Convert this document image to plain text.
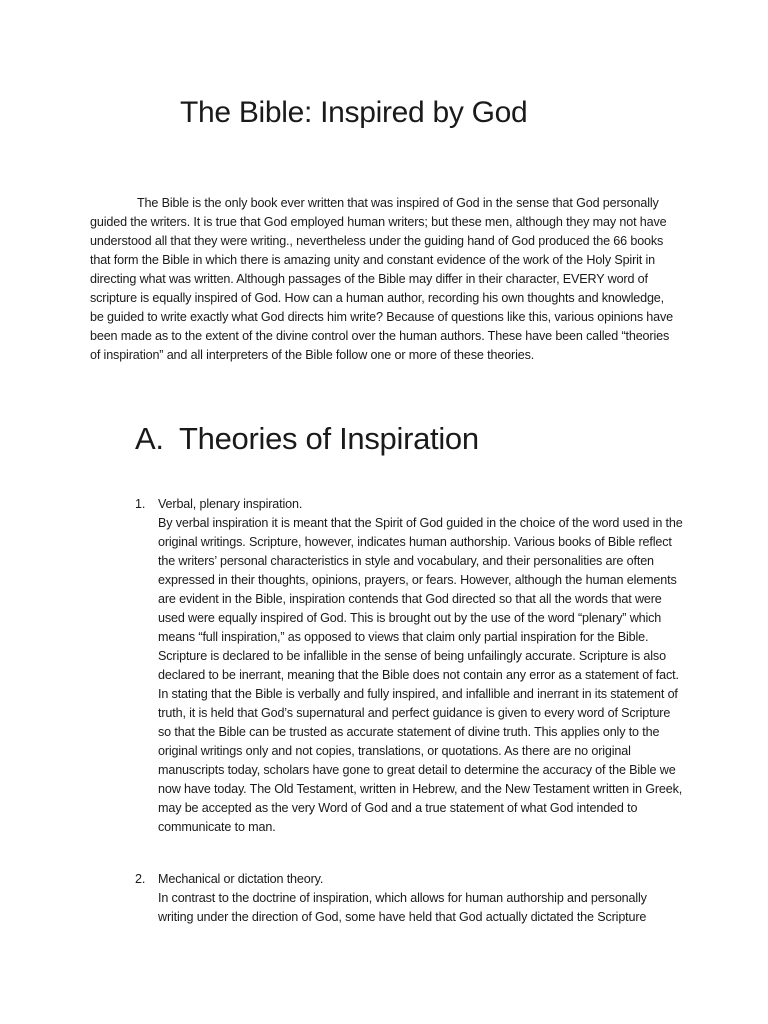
The Bible: Inspired by God

The Bible is the only book ever written that was inspired of God in the sense that God personally guided the writers. It is true that God employed human writers; but these men, although they may not have understood all that they were writing., nevertheless under the guiding hand of God produced the 66 books that form the Bible in which there is amazing unity and constant evidence of the work of the Holy Spirit in directing what was written. Although passages of the Bible may differ in their character, EVERY word of scripture is equally inspired of God. How can a human author, recording his own thoughts and knowledge, be guided to write exactly what God directs him write? Because of questions like this, various opinions have been made as to the extent of the divine control over the human authors. These have been called “theories of inspiration” and all interpreters of the Bible follow one or more of these theories.

A. Theories of Inspiration
1. Verbal, plenary inspiration.
By verbal inspiration it is meant that the Spirit of God guided in the choice of the word used in the original writings. Scripture, however, indicates human authorship. Various books of Bible reflect the writers’ personal characteristics in style and vocabulary, and their personalities are often expressed in their thoughts, opinions, prayers, or fears. However, although the human elements are evident in the Bible, inspiration contends that God directed so that all the words that were used were equally inspired of God. This is brought out by the use of the word “plenary” which means “full inspiration,” as opposed to views that claim only partial inspiration for the Bible. Scripture is declared to be infallible in the sense of being unfailingly accurate. Scripture is also declared to be inerrant, meaning that the Bible does not contain any error as a statement of fact. In stating that the Bible is verbally and fully inspired, and infallible and inerrant in its statement of truth, it is held that God’s supernatural and perfect guidance is given to every word of Scripture so that the Bible can be trusted as accurate statement of divine truth. This applies only to the original writings only and not copies, translations, or quotations. As there are no original manuscripts today, scholars have gone to great detail to determine the accuracy of the Bible we now have today. The Old Testament, written in Hebrew, and the New Testament written in Greek, may be accepted as the very Word of God and a true statement of what God intended to communicate to man.
2. Mechanical or dictation theory.
In contrast to the doctrine of inspiration, which allows for human authorship and personally writing under the direction of God, some have held that God actually dictated the Scripture
